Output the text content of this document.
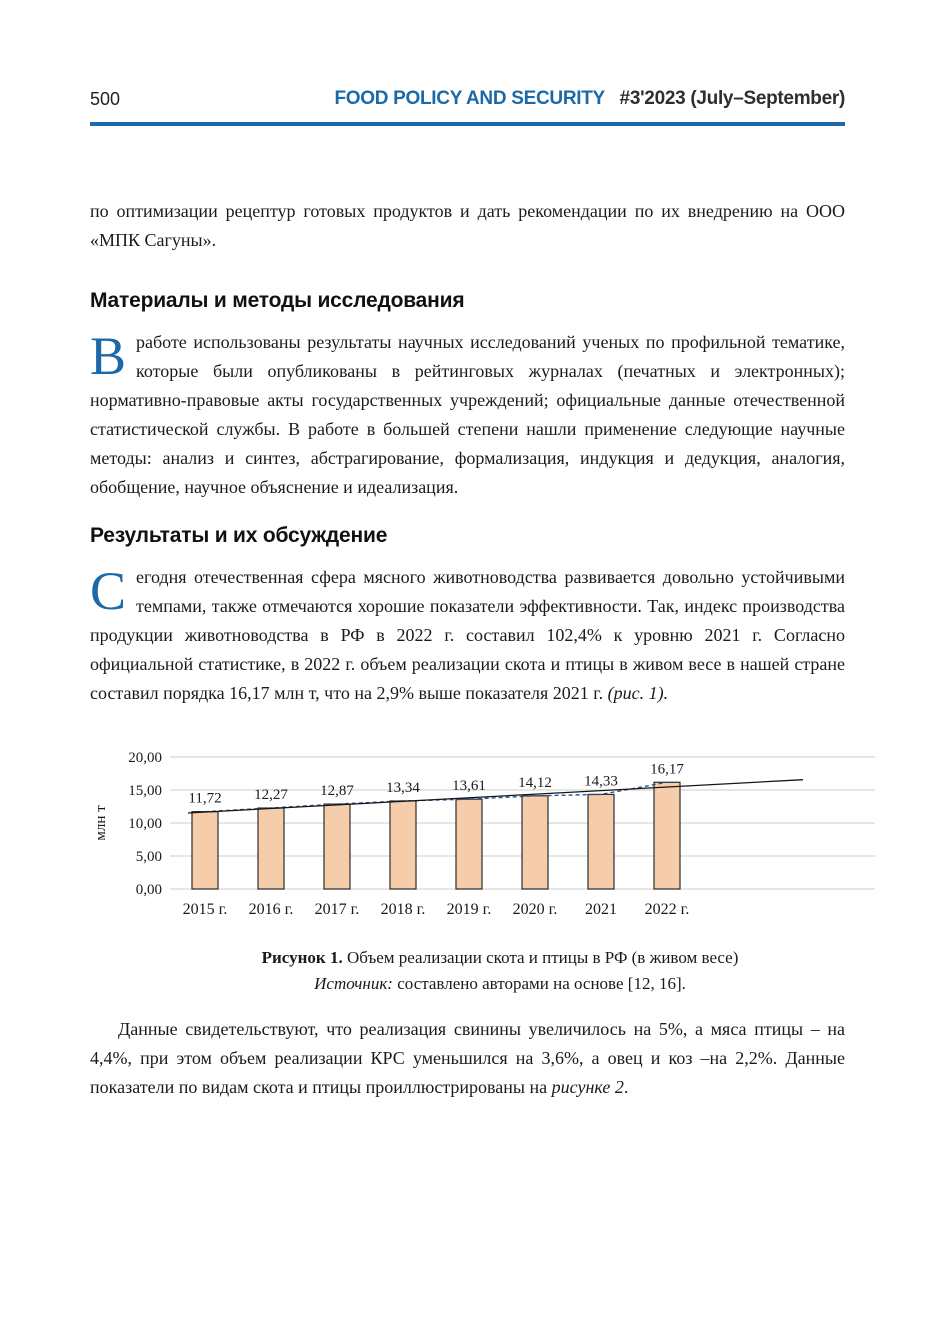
500	FOOD POLICY AND SECURITY #3'2023 (July–September)

по оптимизации рецептур готовых продуктов и дать рекомендации по их внедрению на ООО «МПК Сагуны».

Материалы и методы исследования

Вработе использованы результаты научных исследований ученых по профильной тематике, которые были опубликованы в рейтинговых журналах (печатных и электронных); нормативно-правовые акты государственных учреждений; официальные данные отечественной статистической службы. В работе в большей степени нашли применение следующие научные методы: анализ и синтез, абстрагирование, формализация, индукция и дедукция, аналогия, обобщение, научное объяснение и идеализация.

Результаты и их обсуждение

Сегодня отечественная сфера мясного животноводства развивается довольно устойчивыми темпами, также отмечаются хорошие показатели эффективности. Так, индекс производства продукции животноводства в РФ в 2022 г. составил 102,4% к уровню 2021 г. Согласно официальной статистике, в 2022 г. объем реализации скота и птицы в живом весе в нашей стране составил порядка 16,17 млн т, что на 2,9% выше показателя 2021 г. (рис. 1).

0,00
5,00
10,00
15,00
20,00
млн т
11,72
2015 г.
12,27
2016 г.
12,87
2017 г.
13,34
2018 г.
13,61
2019 г.
14,12
2020 г.
14,33
2021
16,17
2022 г.
Рисунок 1. Объем реализации скота и птицы в РФ (в живом весе)
Источник: составлено авторами на основе [12, 16].

Данные свидетельствуют, что реализация свинины увеличилось на 5%, а мяса птицы – на 4,4%, при этом объем реализации КРС уменьшился на 3,6%, а овец и коз –на 2,2%. Данные показатели по видам скота и птицы проиллюстрированы на рисунке 2.
